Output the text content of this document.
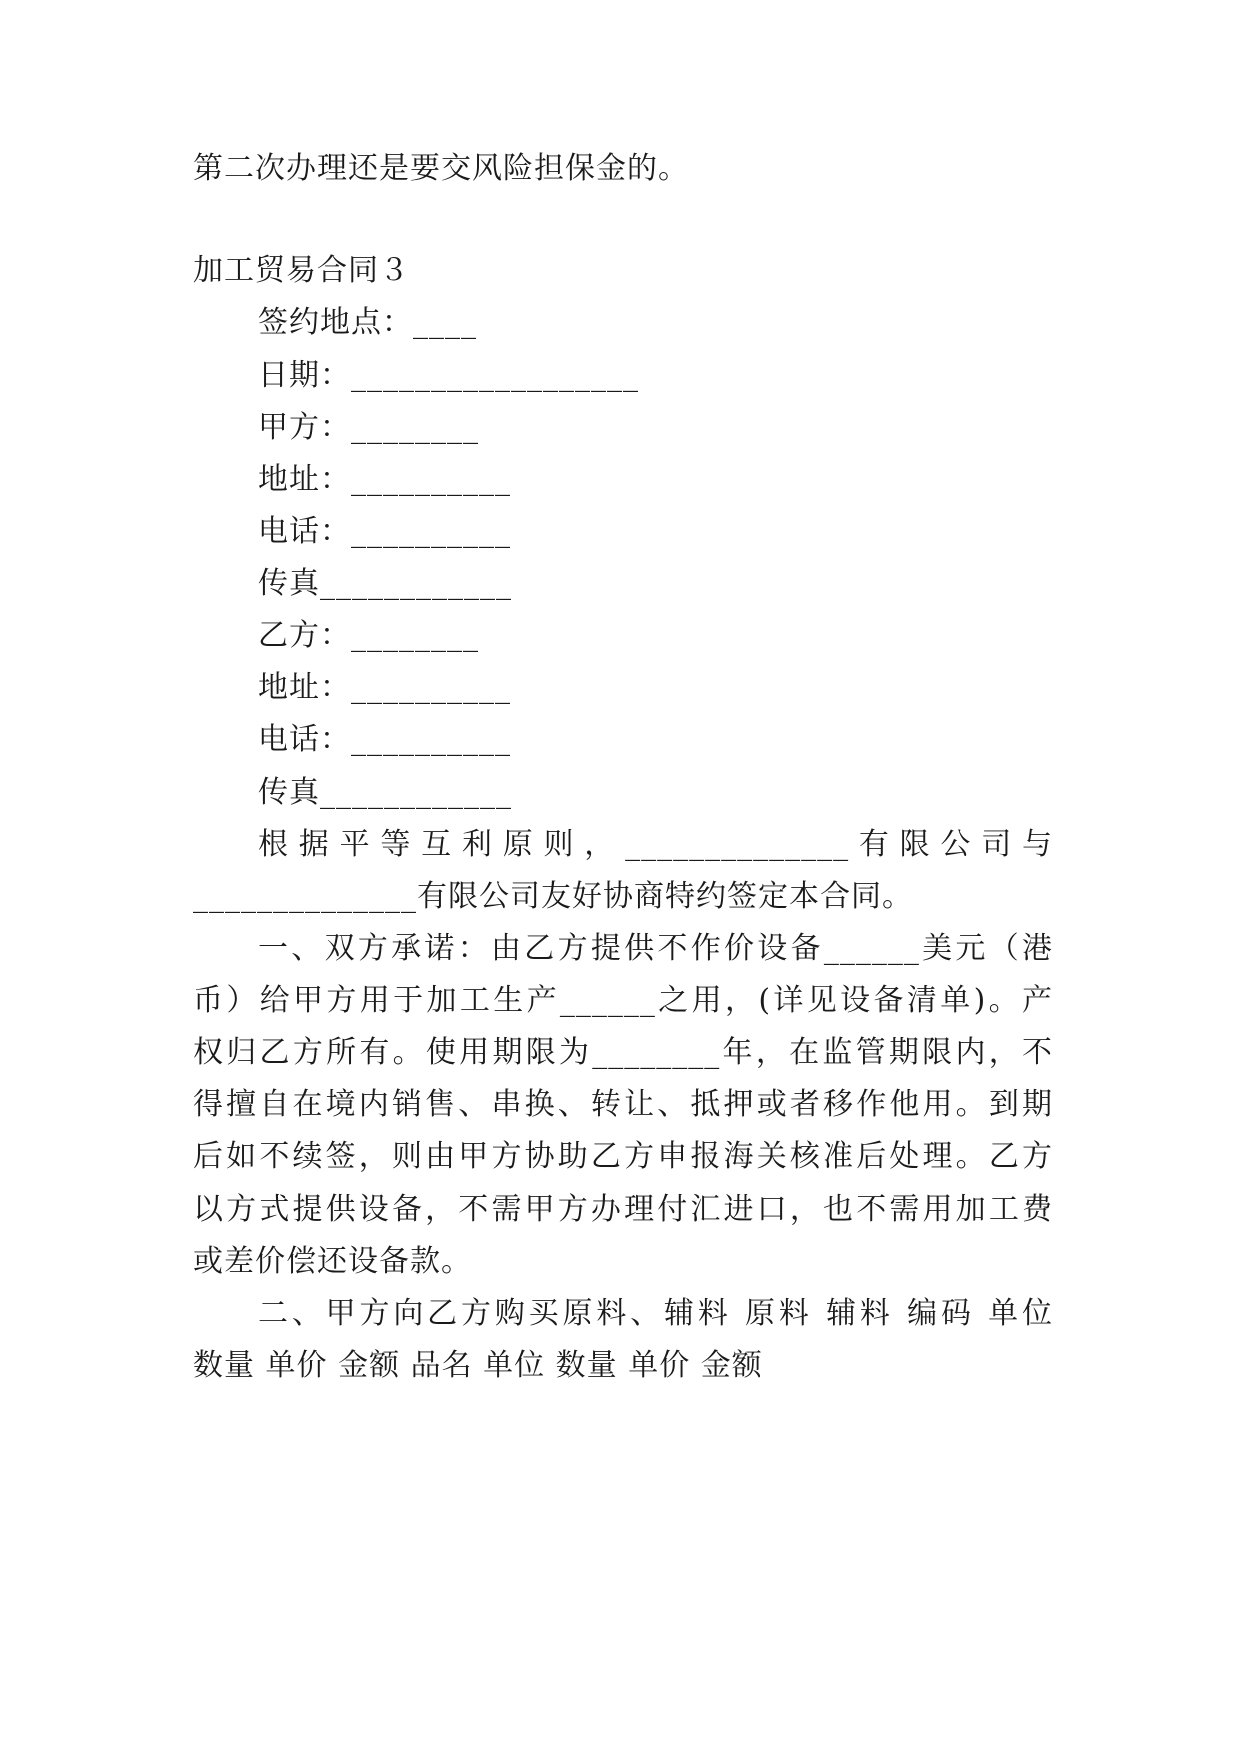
第二次办理还是要交风险担保金的。
加工贸易合同３
签约地点：____
日期：__________________
甲方：________
地址：__________
电话：__________
传真____________
乙方：________
地址：__________
电话：__________
传真____________
根据平等互利原则，______________有限公司与
______________有限公司友好协商特约签定本合同。
一、双方承诺：由乙方提供不作价设备______美元（港
币）给甲方用于加工生产______之用，(详见设备清单)。产
权归乙方所有。使用期限为________年，在监管期限内，不
得擅自在境内销售、串换、转让、抵押或者移作他用。到期
后如不续签，则由甲方协助乙方申报海关核准后处理。乙方
以方式提供设备，不需甲方办理付汇进口，也不需用加工费
或差价偿还设备款。
二、甲方向乙方购买原料、辅料 原料 辅料 编码 单位
数量 单价 金额 品名 单位 数量 单价 金额
